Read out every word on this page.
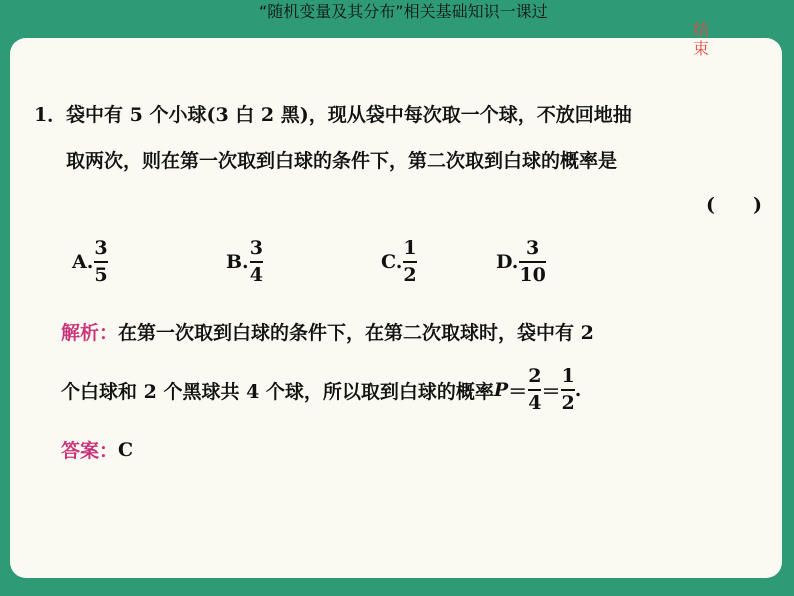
“随机变量及其分布”相关基础知识一课过
结束
1． 袋中有 5 个小球(3 白 2 黑)，现从袋中每次取一个球，不放回地抽
取两次，则在第一次取到白球的条件下，第二次取到白球的概率是
(　　)
A. $\frac{3}{5}$	B. $\frac{3}{4}$	C. $\frac{1}{2}$	D. $\frac{3}{10}$
解析： 在第一次取到白球的条件下，在第二次取球时，袋中有 2
个白球和 2 个黑球共 4 个球，所以取到白球的概率 $P = \frac{2}{4} = \frac{1}{2}$ .
答案： C
